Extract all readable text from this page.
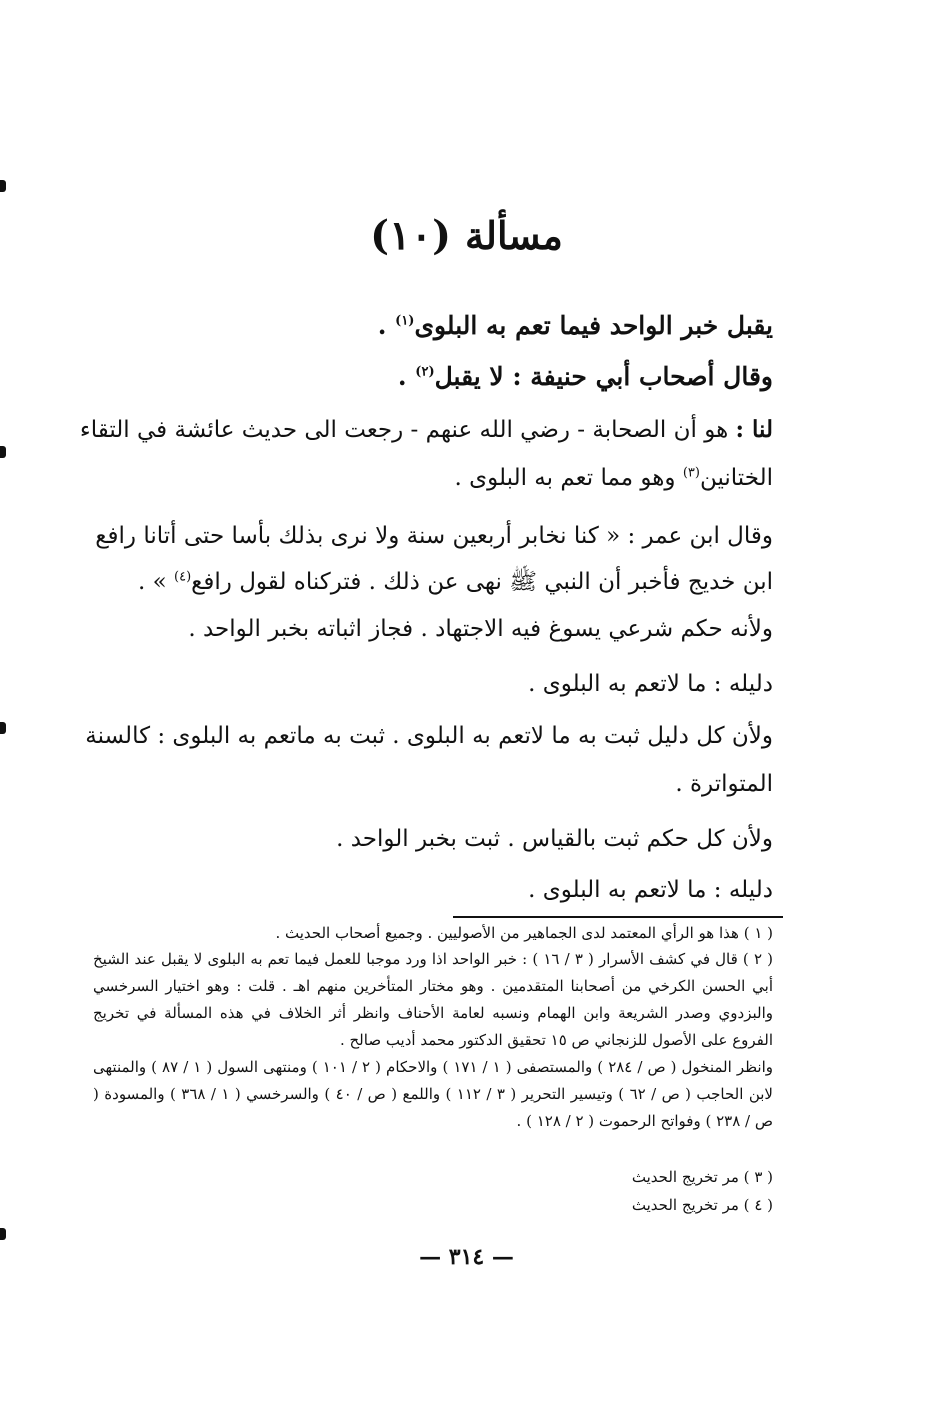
مسألة(١٠)
يقبل خبر الواحد فيما تعم به البلوى$^{(١)}$ .
وقال أصحاب أبي حنيفة : لا يقبل$^{(٢)}$ .
لنا : هو أن الصحابة - رضي الله عنهم - رجعت الى حديث عائشة في التقاء
الختانين$^{(٣)}$ وهو مما تعم به البلوى .
وقال ابن عمر : « كنا نخابر أربعين سنة ولا نرى بذلك بأسا حتى أتانا رافع
ابن خديج فأخبر أن النبي ﷺ نهى عن ذلك . فتركناه لقول رافع$^{(٤)}$ » .
ولأنه حكم شرعي يسوغ فيه الاجتهاد . فجاز اثباته بخبر الواحد .
دليله : ما لاتعم به البلوى .
ولأن كل دليل ثبت به ما لاتعم به البلوى . ثبت به ماتعم به البلوى : كالسنة
المتواترة .
ولأن كل حكم ثبت بالقياس . ثبت بخبر الواحد .
دليله : ما لاتعم به البلوى .
( ١ ) هذا هو الرأي المعتمد لدى الجماهير من الأصوليين . وجميع أصحاب الحديث .
( ٢ ) قال في كشف الأسرار ( ٣ / ١٦ ) : خبر الواحد اذا ورد موجبا للعمل فيما تعم به البلوى لا يقبل عند الشيخ أبي الحسن الكرخي من أصحابنا المتقدمين . وهو مختار المتأخرين منهم اهـ . قلت : وهو اختيار السرخسي والبزدوي وصدر الشريعة وابن الهمام ونسبه لعامة الأحناف وانظر أثر الخلاف في هذه المسألة في تخريج الفروع على الأصول للزنجاني ص ١٥ تحقيق الدكتور محمد أديب صالح .
وانظر المنخول ( ص / ٢٨٤ ) والمستصفى ( ١ / ١٧١ ) والاحكام ( ٢ / ١٠١ ) ومنتهى السول ( ١ / ٨٧ ) والمنتهى لابن الحاجب ( ص / ٦٢ ) وتيسير التحرير ( ٣ / ١١٢ ) واللمع ( ص / ٤٠ ) والسرخسي ( ١ / ٣٦٨ ) والمسودة ( ص / ٢٣٨ ) وفواتح الرحموت ( ٢ / ١٢٨ ) .
( ٣ ) مر تخريج الحديث
( ٤ ) مر تخريج الحديث
— ٣١٤ —
